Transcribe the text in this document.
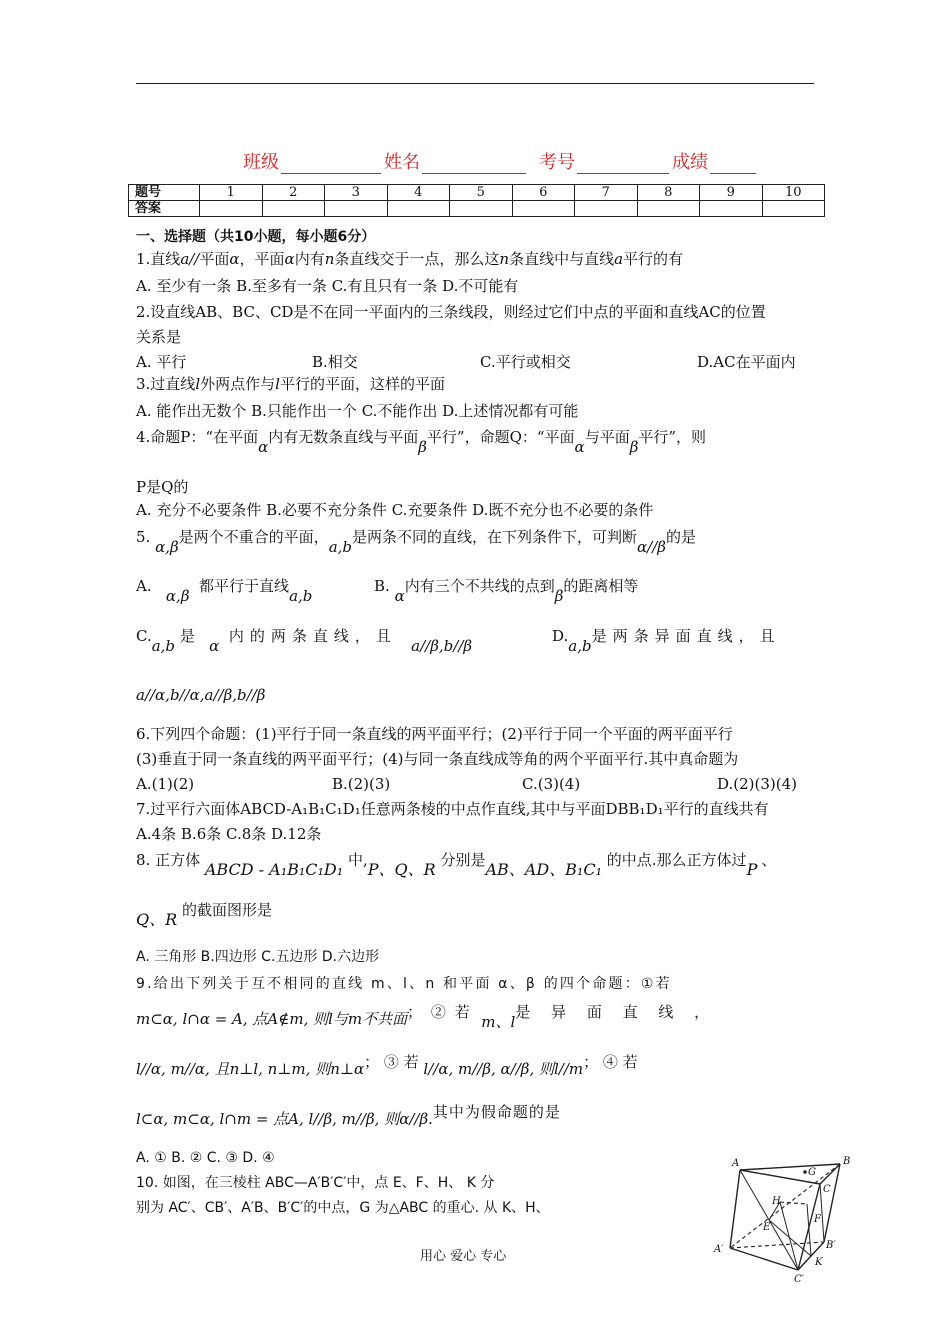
班级	姓名	考号	成绩
题号	1	2	3	4	5	6	7	8	9	10
答案										
一、选择题（共10小题，每小题6分）
1.直线a//平面α，平面α内有n条直线交于一点，那么这n条直线中与直线a平行的有
A. 至少有一条 B.至多有一条 C.有且只有一条 D.不可能有
2.设直线AB、BC、CD是不在同一平面内的三条线段，则经过它们中点的平面和直线AC的位置
关系是
A. 平行	B.相交	C.平行或相交	D.AC在平面内
3.过直线l外两点作与l平行的平面，这样的平面
A. 能作出无数个 B.只能作出一个 C.不能作出 D.上述情况都有可能
4.命题P：“在平面α内有无数条直线与平面β平行”，命题Q：“平面α与平面β平行”，则
P是Q的
A. 充分不必要条件 B.必要不充分条件 C.充要条件 D.既不充分也不必要的条件
5. α,β是两个不重合的平面，a,b是两条不同的直线，在下列条件下，可判断α//β的是
A.   α,β  都平行于直线a,b
B. α内有三个不共线的点到β的距离相等
C.a,b 是   α  内的两条直线，且   a//β,b//β
D.a,b是两条异面直线，且
a//α,b//α,a//β,b//β
6.下列四个命题：(1)平行于同一条直线的两平面平行；(2)平行于同一个平面的两平面平行
(3)垂直于同一条直线的两平面平行；(4)与同一条直线成等角的两个平面平行.其中真命题为
A.(1)(2)	B.(2)(3)	C.(3)(4)	D.(2)(3)(4)
7.过平行六面体ABCD-A₁B₁C₁D₁任意两条棱的中点作直线,其中与平面DBB₁D₁平行的直线共有
A.4条 B.6条 C.8条 D.12条
8. 正方体 ABCD - A₁B₁C₁D₁ 中,P、Q、R 分别是AB、AD、B₁C₁ 的中点.那么正方体过P 、
Q、R 的截面图形是
A. 三角形 B.四边形 C.五边形 D.六边形
9.给出下列关于互不相同的直线 m、l、n 和平面 α、β 的四个命题：①若
m⊂α, l∩α = A, 点A∉m, 则l与m不共面； ② 若  m、l是 异 面 直 线 ，
l//α, m//α, 且n⊥l, n⊥m, 则n⊥α； ③ 若 l//α, m//β, α//β, 则l//m； ④ 若
l⊂α, m⊂α, l∩m = 点A, l//β, m//β, 则α//β.其中为假命题的是
A. ① B. ② C. ③ D. ④
10. 如图，在三棱柱 ABC—A′B′C′中，点 E、F、H、 K 分
别为 AC′、CB′、A′B、B′C′的中点，G 为△ABC 的重心. 从 K、H、
A	B
G
C
H
E
F
A′	B′
K
C′
用心 爱心 专心
